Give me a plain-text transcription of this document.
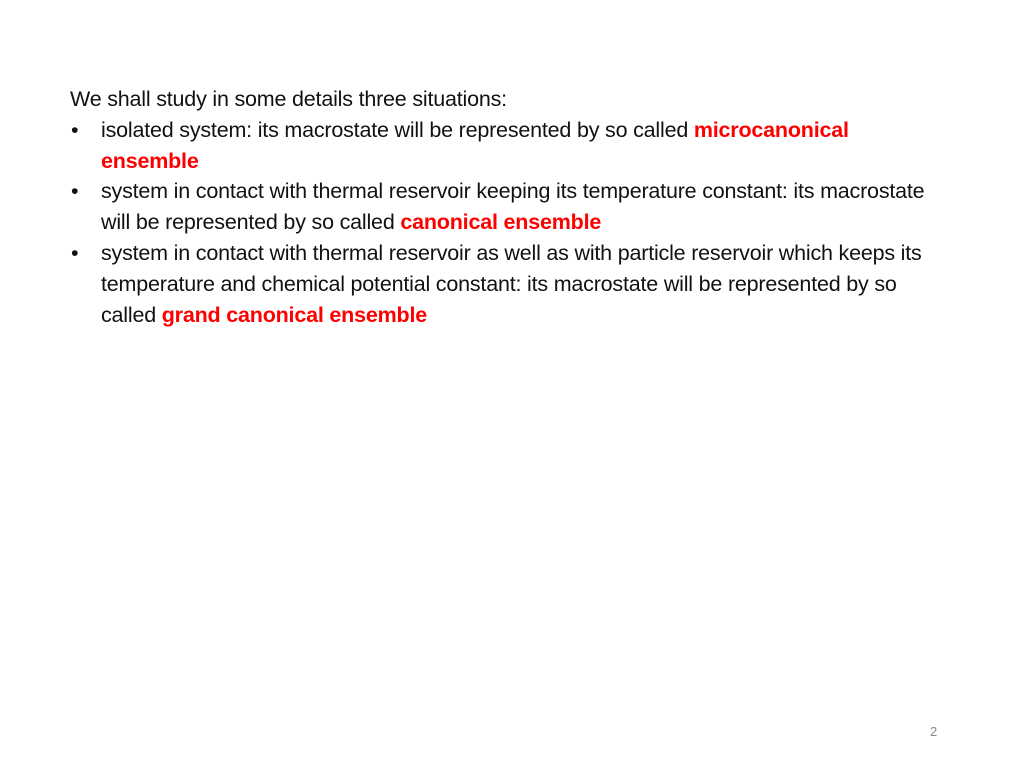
We shall study in some details three situations:

• isolated system: its macrostate will be represented by so called microcanonical ensemble
• system in contact with thermal reservoir keeping its temperature constant: its macrostate will be represented by so called canonical ensemble
• system in contact with thermal reservoir as well as with particle reservoir which keeps its temperature and chemical potential constant: its macrostate will be represented by so called grand canonical ensemble
2
